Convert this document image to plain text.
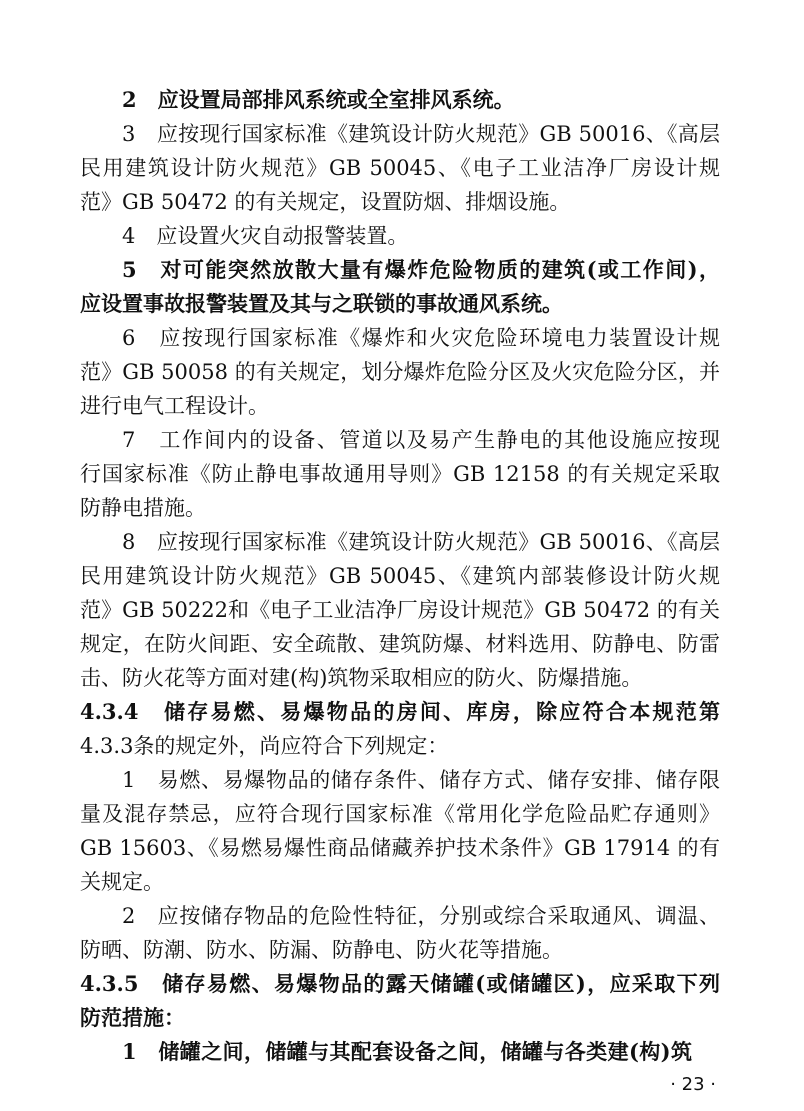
2　应设置局部排风系统或全室排风系统。
3　应按现行国家标准《建筑设计防火规范》GB 50016、《高层
民用建筑设计防火规范》GB 50045、《电子工业洁净厂房设计规
范》GB 50472 的有关规定，设置防烟、排烟设施。
4　应设置火灾自动报警装置。
5　对可能突然放散大量有爆炸危险物质的建筑(或工作间)，
应设置事故报警装置及其与之联锁的事故通风系统。
6　应按现行国家标准《爆炸和火灾危险环境电力装置设计规
范》GB 50058 的有关规定，划分爆炸危险分区及火灾危险分区，并
进行电气工程设计。
7　工作间内的设备、管道以及易产生静电的其他设施应按现
行国家标准《防止静电事故通用导则》GB 12158 的有关规定采取
防静电措施。
8　应按现行国家标准《建筑设计防火规范》GB 50016、《高层
民用建筑设计防火规范》GB 50045、《建筑内部装修设计防火规
范》GB 50222和《电子工业洁净厂房设计规范》GB 50472 的有关
规定，在防火间距、安全疏散、建筑防爆、材料选用、防静电、防雷
击、防火花等方面对建(构)筑物采取相应的防火、防爆措施。
4.3.4　储存易燃、易爆物品的房间、库房，除应符合本规范第
4.3.3条的规定外，尚应符合下列规定：
1　易燃、易爆物品的储存条件、储存方式、储存安排、储存限
量及混存禁忌，应符合现行国家标准《常用化学危险品贮存通则》
GB 15603、《易燃易爆性商品储藏养护技术条件》GB 17914 的有
关规定。
2　应按储存物品的危险性特征，分别或综合采取通风、调温、
防晒、防潮、防水、防漏、防静电、防火花等措施。
4.3.5　储存易燃、易爆物品的露天储罐(或储罐区)，应采取下列
防范措施：
1　储罐之间，储罐与其配套设备之间，储罐与各类建(构)筑
· 23 ·
